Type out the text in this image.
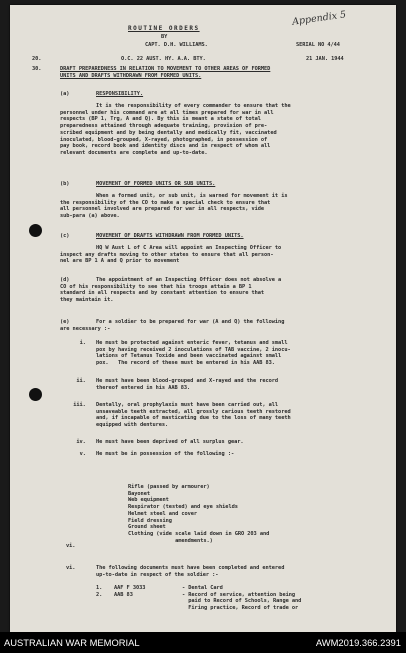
Appendix 5
ROUTINE ORDERS
BY
CAPT. D.H. WILLIAMS.	SERIAL NO 4/44
20.	O.C. 22 AUST. HY. A.A. BTY.	21 JAN. 1944
30.	DRAFT PREPAREDNESS IN RELATION TO MOVEMENT TO OTHER AREAS OF FORMED
UNITS AND DRAFTS WITHDRAWN FROM FORMED UNITS.
(a)	RESPONSIBILITY.
It is the responsibility of every commander to ensure that the
personnel under his command are at all times prepared for war in all
respects (BP 1, Trg, A and Q). By this is meant a state of total
preparedness attained through adequate training, provision of pre-
scribed equipment and by being dentally and medically fit, vaccinated
inoculated, blood-grouped, X-rayed, photographed, in possession of
pay book, record book and identity discs and in respect of whom all
relevant documents are complete and up-to-date.
(b)	MOVEMENT OF FORMED UNITS OR SUB UNITS.
When a formed unit, or sub unit, is warned for movement it is
the responsibility of the CO to make a special check to ensure that
all personnel involved are prepared for war in all respects, vide
sub-para (a) above.
(c)	MOVEMENT OF DRAFTS WITHDRAWN FROM FORMED UNITS.
HQ W Aust L of C Area will appoint an Inspecting Officer to
inspect any drafts moving to other states to ensure that all person-
nel are BP 1 A and Q prior to movement
(d)	The appointment of an Inspecting Officer does not absolve a
CO of his responsibility to see that his troops attain a BP 1
standard in all respects and by constant attention to ensure that
they maintain it.
(e)	For a soldier to be prepared for war (A and Q) the following
are necessary :-
i. He must be protected against enteric fever, tetanus and small
pox by having received 2 inoculations of TAB vaccine, 2 inocu-
lations of Tetanus Toxide and been vaccinated against small
pox.   The record of these must be entered in his AAB 83.
ii. He must have been blood-grouped and X-rayed and the record
thereof entered in his AAB 83.
iii. Dentally, oral prophylaxis must have been carried out, all
unsaveable teeth extracted, all grossly carious teeth restored
and, if incapable of masticating due to the loss of many teeth
equipped with dentures.
iv. He must have been deprived of all surplus gear.
v. He must be in possession of the following :-
Rifle (passed by armourer)
Bayonet
Web equipment
Respirator (tested) and eye shields
Helmet steel and cover
Field dressing
Ground sheet
Clothing (vide scale laid down in GRO 203 and
amendments.)
vi.
vi.	The following documents must have been completed and entered
up-to-date in respect of the soldier :-
1. AAF F 3033	- Dental Card
2. AAB 83	- Record of service, attention being
paid to Record of Schools, Range and
Firing practice, Record of trade or
AUSTRALIAN WAR MEMORIAL	AWM2019.366.2391
